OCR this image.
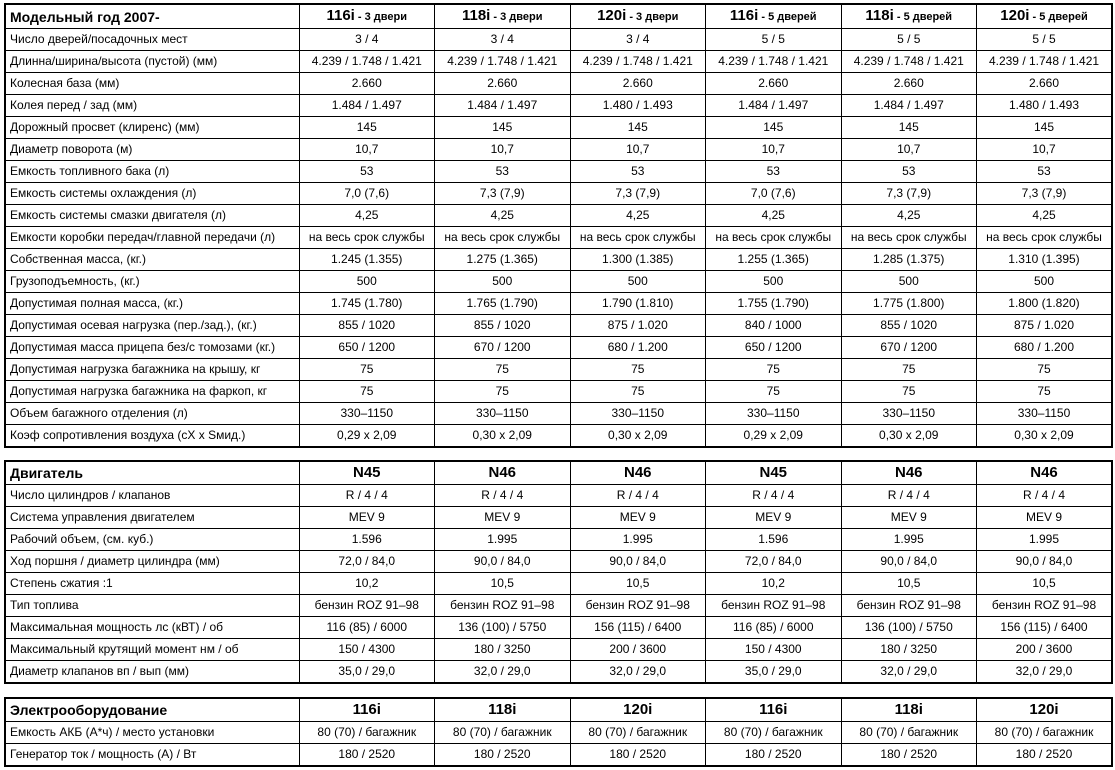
Модельный год 2007-	116i - 3 двери	118i - 3 двери	120i - 3 двери	116i - 5 дверей	118i - 5 дверей	120i - 5 дверей
Число дверей/посадочных мест	3 / 4	3 / 4	3 / 4	5 / 5	5 / 5	5 / 5
Длинна/ширина/высота (пустой) (мм)	4.239 / 1.748 / 1.421	4.239 / 1.748 / 1.421	4.239 / 1.748 / 1.421	4.239 / 1.748 / 1.421	4.239 / 1.748 / 1.421	4.239 / 1.748 / 1.421
Колесная база (мм)	2.660	2.660	2.660	2.660	2.660	2.660
Колея перед / зад (мм)	1.484 / 1.497	1.484 / 1.497	1.480 / 1.493	1.484 / 1.497	1.484 / 1.497	1.480 / 1.493
Дорожный просвет (клиренс) (мм)	145	145	145	145	145	145
Диаметр поворота (м)	10,7	10,7	10,7	10,7	10,7	10,7
Емкость топливного бака (л)	53	53	53	53	53	53
Емкость системы охлаждения (л)	7,0 (7,6)	7,3 (7,9)	7,3 (7,9)	7,0 (7,6)	7,3 (7,9)	7,3 (7,9)
Емкость системы смазки двигателя (л)	4,25	4,25	4,25	4,25	4,25	4,25
Емкости коробки передач/главной передачи (л)	на весь срок службы	на весь срок службы	на весь срок службы	на весь срок службы	на весь срок службы	на весь срок службы
Собственная масса, (кг.)	1.245 (1.355)	1.275 (1.365)	1.300 (1.385)	1.255 (1.365)	1.285 (1.375)	1.310 (1.395)
Грузоподъемность, (кг.)	500	500	500	500	500	500
Допустимая полная масса, (кг.)	1.745 (1.780)	1.765 (1.790)	1.790 (1.810)	1.755 (1.790)	1.775 (1.800)	1.800 (1.820)
Допустимая осевая нагрузка (пер./зад.), (кг.)	855 / 1020	855 / 1020	875 / 1.020	840 / 1000	855 / 1020	875 / 1.020
Допустимая масса прицепа без/с томозами (кг.)	650 / 1200	670 / 1200	680 / 1.200	650 / 1200	670 / 1200	680 / 1.200
Допустимая нагрузка багажника на крышу, кг	75	75	75	75	75	75
Допустимая нагрузка багажника на фаркоп, кг	75	75	75	75	75	75
Объем багажного отделения (л)	330–1150	330–1150	330–1150	330–1150	330–1150	330–1150
Коэф сопротивления воздуха (cX x Sмид.)	0,29 x 2,09	0,30 x 2,09	0,30 x 2,09	0,29 x 2,09	0,30 x 2,09	0,30 x 2,09
Двигатель	N45	N46	N46	N45	N46	N46
Число цилиндров / клапанов	R / 4 / 4	R / 4 / 4	R / 4 / 4	R / 4 / 4	R / 4 / 4	R / 4 / 4
Система управления двигателем	MEV 9	MEV 9	MEV 9	MEV 9	MEV 9	MEV 9
Рабочий объем, (см. куб.)	1.596	1.995	1.995	1.596	1.995	1.995
Ход поршня / диаметр цилиндра (мм)	72,0 / 84,0	90,0 / 84,0	90,0 / 84,0	72,0 / 84,0	90,0 / 84,0	90,0 / 84,0
Степень сжатия :1	10,2	10,5	10,5	10,2	10,5	10,5
Тип топлива	бензин ROZ 91–98	бензин ROZ 91–98	бензин ROZ 91–98	бензин ROZ 91–98	бензин ROZ 91–98	бензин ROZ 91–98
Максимальная мощность лс (кВТ) / об	116 (85) / 6000	136 (100) / 5750	156 (115) / 6400	116 (85) / 6000	136 (100) / 5750	156 (115) / 6400
Максимальный крутящий момент нм / об	150 / 4300	180 / 3250	200 / 3600	150 / 4300	180 / 3250	200 / 3600
Диаметр клапанов вп / вып (мм)	35,0 / 29,0	32,0 / 29,0	32,0 / 29,0	35,0 / 29,0	32,0 / 29,0	32,0 / 29,0
Электрооборудование	116i	118i	120i	116i	118i	120i
Емкость АКБ (А*ч) / место установки	80 (70) / багажник	80 (70) / багажник	80 (70) / багажник	80 (70) / багажник	80 (70) / багажник	80 (70) / багажник
Генератор ток / мощность (А) / Вт	180 / 2520	180 / 2520	180 / 2520	180 / 2520	180 / 2520	180 / 2520
